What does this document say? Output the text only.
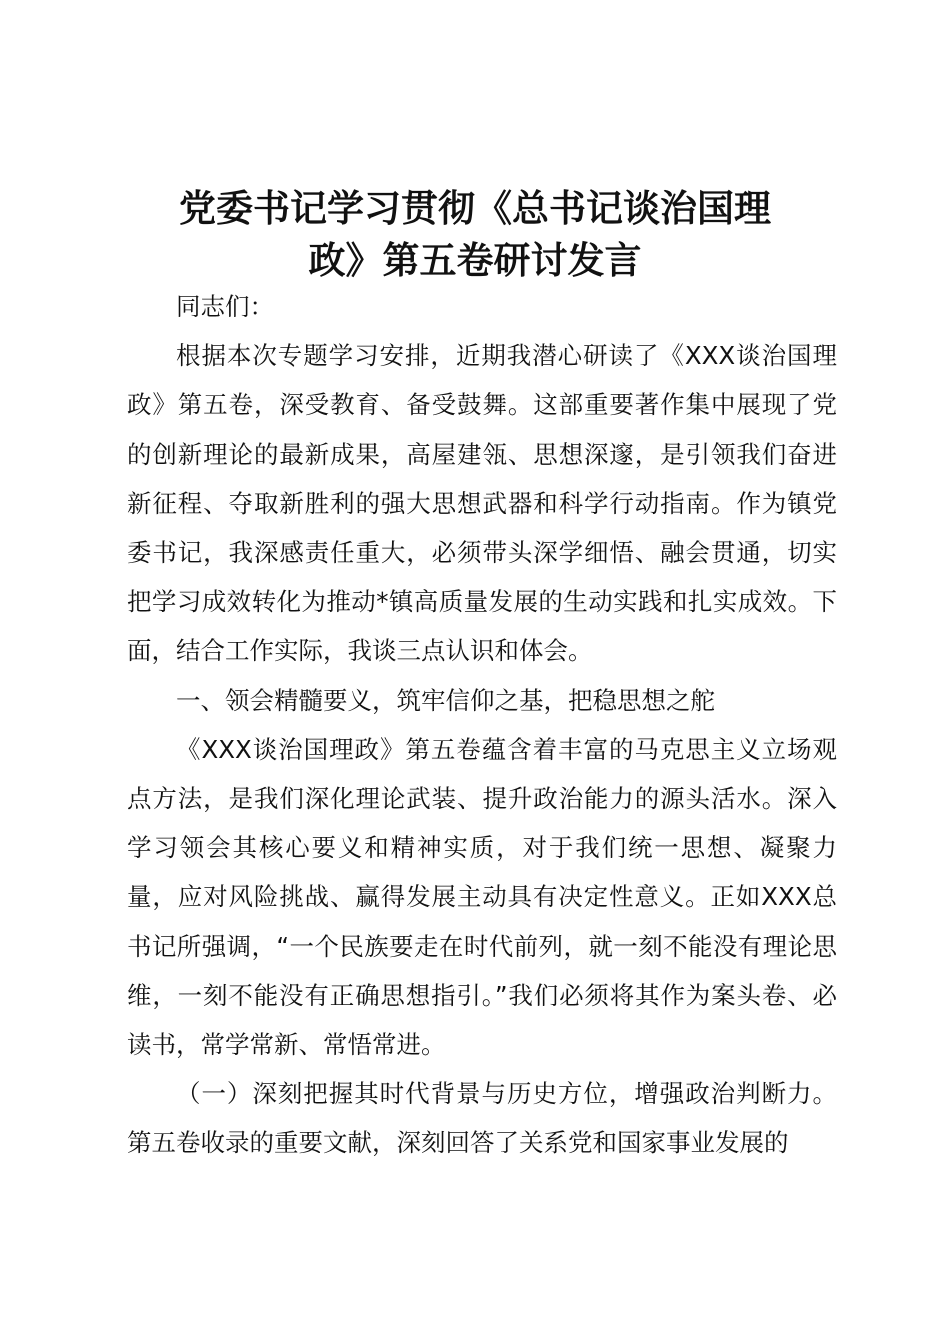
党委书记学习贯彻《总书记谈治国理
政》第五卷研讨发言

同志们：

根据本次专题学习安排，近期我潜心研读了《XXX谈治国理政》第五卷，深受教育、备受鼓舞。这部重要著作集中展现了党的创新理论的最新成果，高屋建瓴、思想深邃，是引领我们奋进新征程、夺取新胜利的强大思想武器和科学行动指南。作为镇党委书记，我深感责任重大，必须带头深学细悟、融会贯通，切实把学习成效转化为推动*镇高质量发展的生动实践和扎实成效。下面，结合工作实际，我谈三点认识和体会。

一、领会精髓要义，筑牢信仰之基，把稳思想之舵

《XXX谈治国理政》第五卷蕴含着丰富的马克思主义立场观点方法，是我们深化理论武装、提升政治能力的源头活水。深入学习领会其核心要义和精神实质，对于我们统一思想、凝聚力量，应对风险挑战、赢得发展主动具有决定性意义。正如XXX总书记所强调，“一个民族要走在时代前列，就一刻不能没有理论思维，一刻不能没有正确思想指引。”我们必须将其作为案头卷、必读书，常学常新、常悟常进。

（一）深刻把握其时代背景与历史方位，增强政治判断力。第五卷收录的重要文献，深刻回答了关系党和国家事业发展的
